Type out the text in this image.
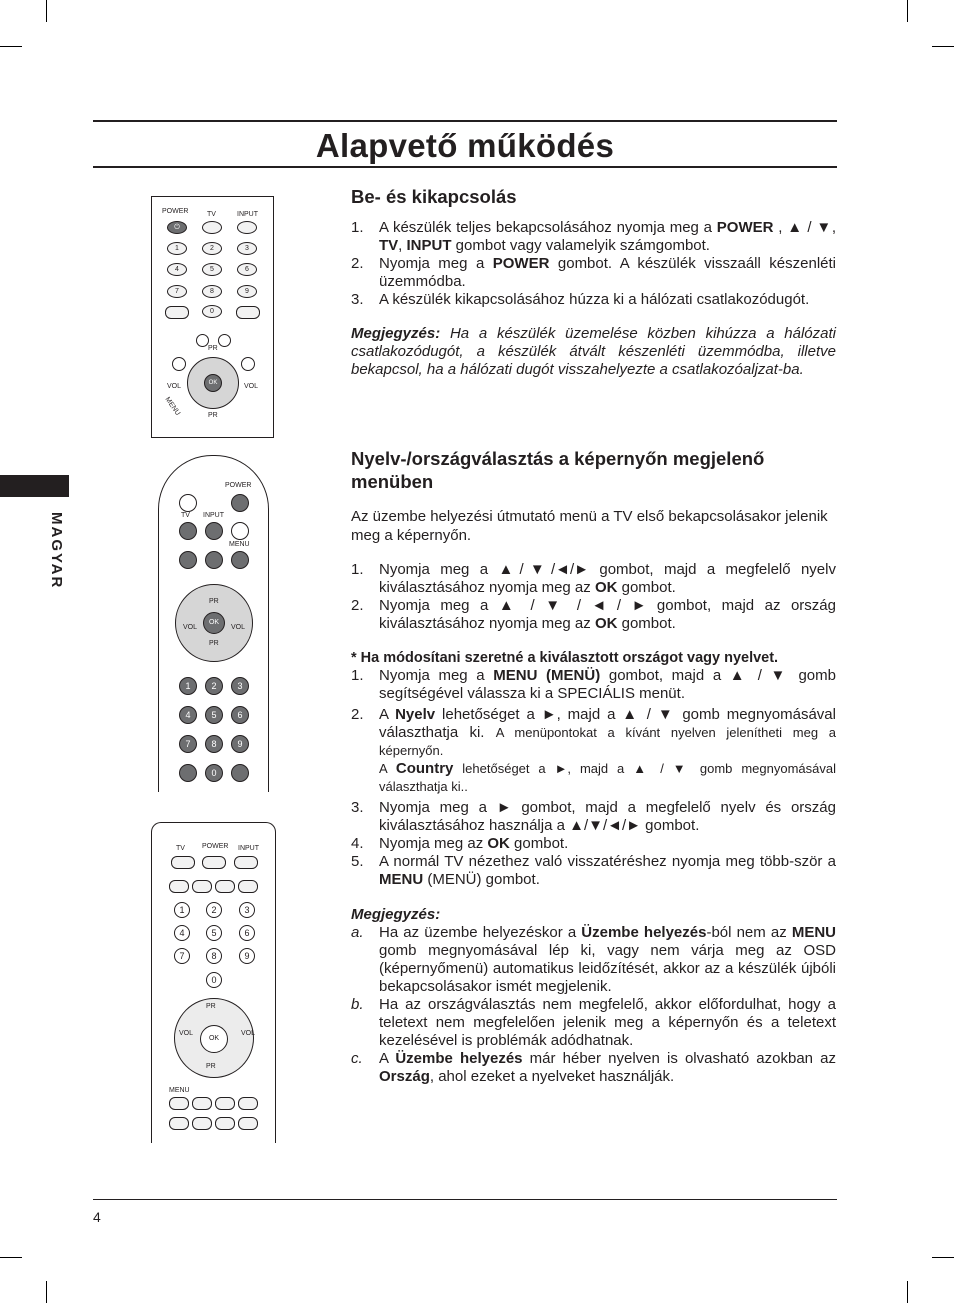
Alapvető működés
MAGYAR
POWER	TV	INPUT
⏻
1	2	3
4	5	6
7	8	9
0
PR
OK
VOL	VOL
MENU	PR
POWER
TV INPUT
MENU
PR
VOL
OK
VOL
PR
1	2	3
4	5	6
7	8	9
0
TV POWER INPUT
1	2	3
4	5	6
7	8	9
0
PR
VOL
OK
VOL
PR
MENU
Be- és kikapcsolás
1. A készülék teljes bekapcsolásához nyomja meg a POWER , ▲ / ▼, TV, INPUT gombot vagy valamelyik számgombot.
2. Nyomja meg a POWER gombot. A készülék visszaáll készenléti üzemmódba.
3. A készülék kikapcsolásához húzza ki a hálózati csatlakozódugót.

Megjegyzés: Ha a készülék üzemelése közben kihúzza a hálózati csatlakozódugót, a készülék átvált készenléti üzemmódba, illetve bekapcsol, ha a hálózati dugót visszahelyezte a csatlakozóaljzat-ba.

Nyelv-/országválasztás a képernyőn megjelenő menüben

Az üzembe helyezési útmutató menü a TV első bekapcsolásakor jelenik meg a képernyőn.

1. Nyomja meg a ▲/▼/◄/► gombot, majd a megfelelő nyelv kiválasztásához nyomja meg az OK gombot.
2. Nyomja meg a ▲ / ▼ / ◄ / ► gombot, majd az ország kiválasztásához nyomja meg az OK gombot.
* Ha módosítani szeretné a kiválasztott országot vagy nyelvet.
1. Nyomja meg a MENU (MENÜ) gombot, majd a ▲ / ▼ gomb segítségével válassza ki a SPECIÁLIS menüt.
2. A Nyelv lehetőséget a ►, majd a ▲ / ▼ gomb megnyomásával választhatja ki. A menüpontokat a kívánt nyelven jelenítheti meg a képernyőn.
A Country lehetőséget a ►, majd a ▲ / ▼ gomb megnyomásával választhatja ki..
3. Nyomja meg a ► gombot, majd a megfelelő nyelv és ország kiválasztásához használja a ▲/▼/◄/► gombot.
4. Nyomja meg az OK gombot.
5. A normál TV nézethez való visszatéréshez nyomja meg több-ször a MENU (MENÜ) gombot.
Megjegyzés:
a. Ha az üzembe helyezéskor a Üzembe helyezés-ból nem az MENU gomb megnyomásával lép ki, vagy nem várja meg az OSD (képernyőmenü) automatikus leidőzítését, akkor az a készülék újbóli bekapcsolásakor ismét megjelenik.
b. Ha az országválasztás nem megfelelő, akkor előfordulhat, hogy a teletext nem megfelelően jelenik meg a képernyőn és a teletext kezelésével is problémák adódhatnak.
c. A Üzembe helyezés már héber nyelven is olvasható azokban az Ország, ahol ezeket a nyelveket használják.
4
